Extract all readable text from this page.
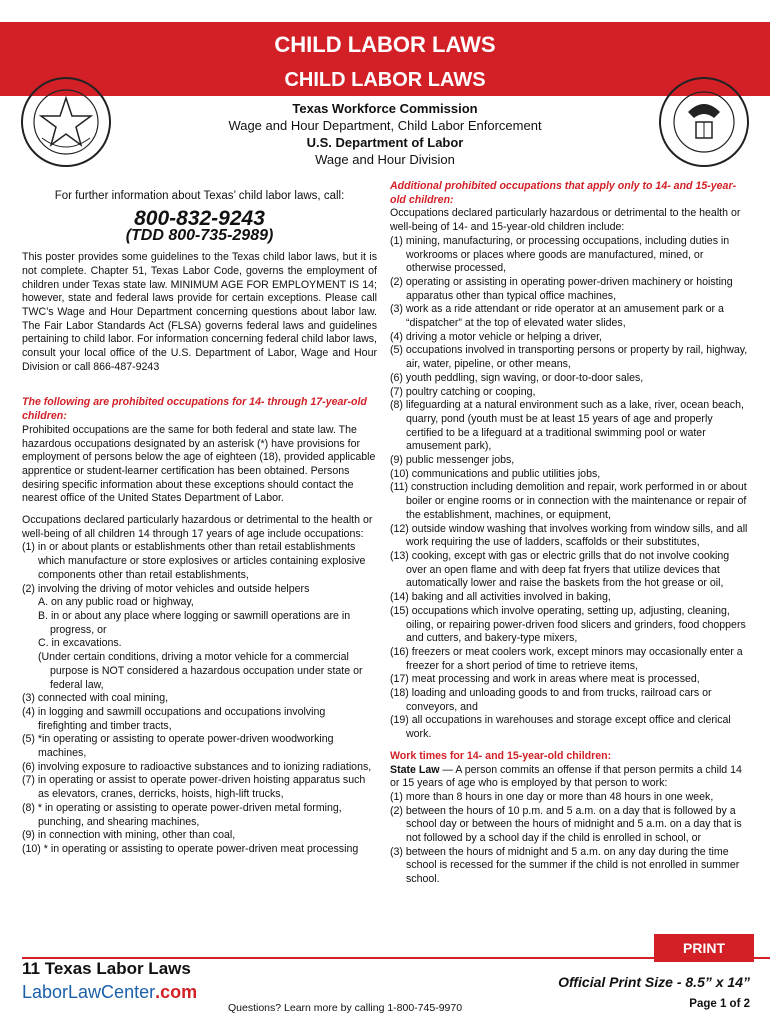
CHILD LABOR LAWS
CHILD LABOR LAWS
Texas Workforce Commission
Wage and Hour Department, Child Labor Enforcement
U.S. Department of Labor
Wage and Hour Division

For further information about Texas’ child labor laws, call:

800-832-9243

(TDD 800-735-2989)

This poster provides some guidelines to the Texas child labor laws, but it is not complete. Chapter 51, Texas Labor Code, governs the employment of children under Texas state law. MINIMUM AGE FOR EMPLOYMENT IS 14; however, state and federal laws provide for certain exceptions. Please call TWC’s Wage and Hour Department concerning questions about labor law. The Fair Labor Standards Act (FLSA) governs federal laws and guidelines pertaining to child labor. For information concerning federal child labor laws, consult your local office of the U.S. Department of Labor, Wage and Hour Division or call 866-487-9243

The following are prohibited occupations for 14- through 17-year-old children:

Prohibited occupations are the same for both federal and state law. The hazardous occupations designated by an asterisk (*) have provisions for employment of persons below the age of eighteen (18), provided applicable apprentice or student-learner certification has been obtained. Persons desiring specific information about these exceptions should contact the nearest office of the United States Department of Labor.

Occupations declared particularly hazardous or detrimental to the health or well-being of all children 14 through 17 years of age include occupations:

(1) in or about plants or establishments other than retail establishments which manufacture or store explosives or articles containing explosive components other than retail establishments,

(2) involving the driving of motor vehicles and outside helpers

A. on any public road or highway,

B. in or about any place where logging or sawmill operations are in progress, or

C. in excavations.

(Under certain conditions, driving a motor vehicle for a commercial purpose is NOT considered a hazardous occupation under state or federal law,

(3) connected with coal mining,

(4) in logging and sawmill occupations and occupations involving firefighting and timber tracts,

(5) *in operating or assisting to operate power-driven woodworking machines,

(6) involving exposure to radioactive substances and to ionizing radiations,

(7) in operating or assist to operate power-driven hoisting apparatus such as elevators, cranes, derricks, hoists, high-lift trucks,

(8) * in operating or assisting to operate power-driven metal forming, punching, and shearing machines,

(9) in connection with mining, other than coal,

(10) * in operating or assisting to operate power-driven meat processing

Additional prohibited occupations that apply only to 14- and 15-year-old children:

Occupations declared particularly hazardous or detrimental to the health or well-being of 14- and 15-year-old children include:

(1) mining, manufacturing, or processing occupations, including duties in workrooms or places where goods are manufactured, mined, or otherwise processed,

(2) operating or assisting in operating power-driven machinery or hoisting apparatus other than typical office machines,

(3) work as a ride attendant or ride operator at an amusement park or a “dispatcher” at the top of elevated water slides,

(4) driving a motor vehicle or helping a driver,

(5) occupations involved in transporting persons or property by rail, highway, air, water, pipeline, or other means,

(6) youth peddling, sign waving, or door-to-door sales,

(7) poultry catching or cooping,

(8) lifeguarding at a natural environment such as a lake, river, ocean beach, quarry, pond (youth must be at least 15 years of age and properly certified to be a lifeguard at a traditional swimming pool or water amusement park),

(9) public messenger jobs,

(10) communications and public utilities jobs,

(11) construction including demolition and repair, work performed in or about boiler or engine rooms or in connection with the maintenance or repair of the establishment, machines, or equipment,

(12) outside window washing that involves working from window sills, and all work requiring the use of ladders, scaffolds or their substitutes,

(13) cooking, except with gas or electric grills that do not involve cooking over an open flame and with deep fat fryers that utilize devices that automatically lower and raise the baskets from the hot grease or oil,

(14) baking and all activities involved in baking,

(15) occupations which involve operating, setting up, adjusting, cleaning, oiling, or repairing power-driven food slicers and grinders, food choppers and cutters, and bakery-type mixers,

(16) freezers or meat coolers work, except minors may occasionally enter a freezer for a short period of time to retrieve items,

(17) meat processing and work in areas where meat is processed,

(18) loading and unloading goods to and from trucks, railroad cars or conveyors, and

(19) all occupations in warehouses and storage except office and clerical work.

Work times for 14- and 15-year-old children:

State Law — A person commits an offense if that person permits a child 14 or 15 years of age who is employed by that person to work:

(1) more than 8 hours in one day or more than 48 hours in one week,

(2) between the hours of 10 p.m. and 5 a.m. on a day that is followed by a school day or between the hours of midnight and 5 a.m. on a day that is not followed by a school day if the child is enrolled in school, or

(3) between the hours of midnight and 5 a.m. on any day during the time school is recessed for the summer if the child is not enrolled in summer school.

PRINT
11 Texas Labor Laws
LaborLawCenter.com
Questions? Learn more by calling 1-800-745-9970
Official Print Size - 8.5” x 14”
Page 1 of 2
